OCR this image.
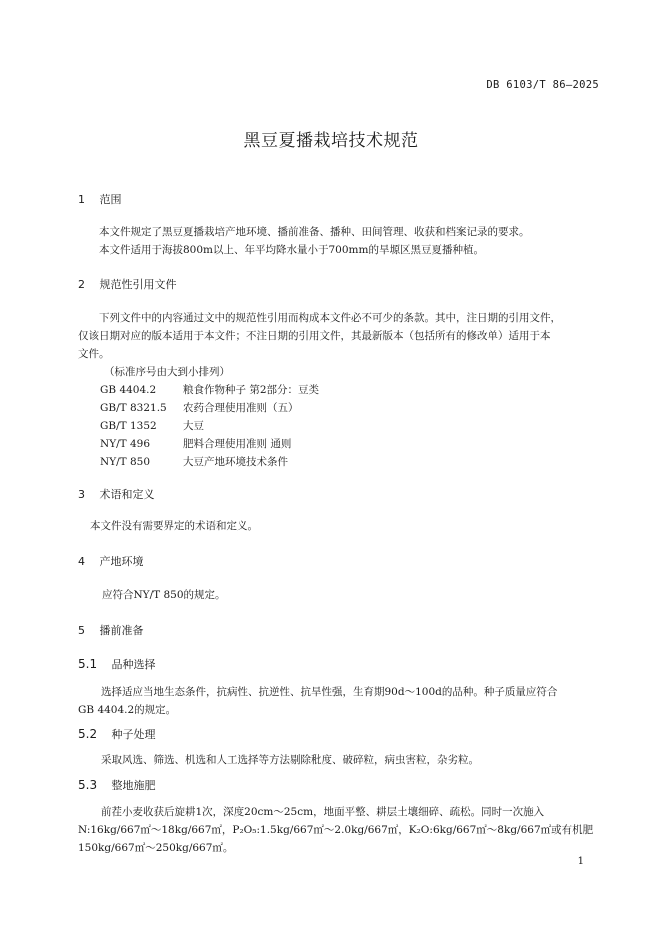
DB 6103/T 86—2025
黑豆夏播栽培技术规范
1 范围
本文件规定了黑豆夏播栽培产地环境、播前准备、播种、田间管理、收获和档案记录的要求。
本文件适用于海拔800m以上、年平均降水量小于700mm的旱塬区黑豆夏播种植。
2 规范性引用文件
下列文件中的内容通过文中的规范性引用而构成本文件必不可少的条款。其中，注日期的引用文件，
仅该日期对应的版本适用于本文件；不注日期的引用文件，其最新版本（包括所有的修改单）适用于本
文件。
（标准序号由大到小排列）
GB 4404.2	粮食作物种子 第2部分：豆类
GB/T 8321.5 农药合理使用准则（五）
GB/T 1352	大豆
NY/T 496	肥料合理使用准则 通则
NY/T 850	大豆产地环境技术条件
3 术语和定义
本文件没有需要界定的术语和定义。
4 产地环境
应符合NY/T 850的规定。
5 播前准备
5.1 品种选择
选择适应当地生态条件，抗病性、抗逆性、抗旱性强，生育期90d～100d的品种。种子质量应符合
GB 4404.2的规定。
5.2 种子处理
采取风选、筛选、机选和人工选择等方法剔除秕度、破碎粒，病虫害粒，杂劣粒。
5.3 整地施肥
前茬小麦收获后旋耕1次，深度20cm～25cm，地面平整、耕层土壤细碎、疏松。同时一次施入
N:16kg/667㎡～18kg/667㎡，P₂O₅:1.5kg/667㎡～2.0kg/667㎡，K₂O:6kg/667㎡～8kg/667㎡或有机肥
150kg/667㎡～250kg/667㎡。
1
